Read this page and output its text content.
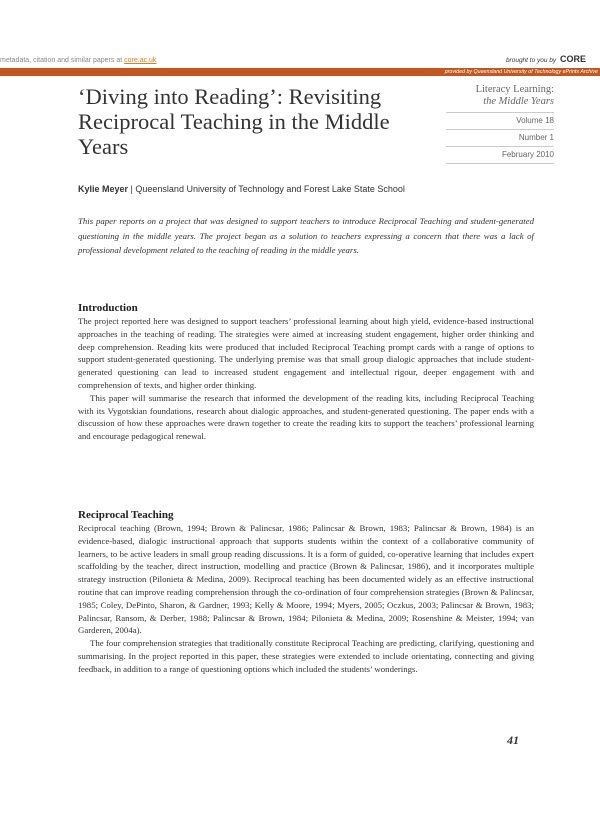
metadata, citation and similar papers at core.ac.uk	brought to you by CORE
provided by Queensland University of Technology ePrints Archive
‘Diving into Reading’: Revisiting Reciprocal Teaching in the Middle Years
Literacy Learning:
the Middle Years
Volume 18
Number 1
February 2010
Kylie Meyer | Queensland University of Technology and Forest Lake State School

This paper reports on a project that was designed to support teachers to introduce Reciprocal Teaching and student-generated questioning in the middle years. The project began as a solution to teachers expressing a concern that there was a lack of professional development related to the teaching of reading in the middle years.

Introduction

The project reported here was designed to support teachers’ professional learning about high yield, evidence-based instructional approaches in the teaching of reading. The strategies were aimed at increasing student engagement, higher order thinking and deep comprehension. Reading kits were produced that included Reciprocal Teaching prompt cards with a range of options to support student-generated questioning. The underlying premise was that small group dialogic approaches that include student-generated questioning can lead to increased student engagement and intellectual rigour, deeper engagement with and comprehension of texts, and higher order thinking.

This paper will summarise the research that informed the development of the reading kits, including Reciprocal Teaching with its Vygotskian foundations, research about dialogic approaches, and student-generated questioning. The paper ends with a discussion of how these approaches were drawn together to create the reading kits to support the teachers’ professional learning and encourage pedagogical renewal.

Reciprocal Teaching

Reciprocal teaching (Brown, 1994; Brown & Palincsar, 1986; Palincsar & Brown, 1983; Palincsar & Brown, 1984) is an evidence-based, dialogic instructional approach that supports students within the context of a collaborative community of learners, to be active leaders in small group reading discussions. It is a form of guided, co-operative learning that includes expert scaffolding by the teacher, direct instruction, modelling and practice (Brown & Palincsar, 1986), and it incorporates multiple strategy instruction (Pilonieta & Medina, 2009). Reciprocal teaching has been documented widely as an effective instructional routine that can improve reading comprehension through the co-ordination of four comprehension strategies (Brown & Palincsar, 1985; Coley, DePinto, Sharon, & Gardner, 1993; Kelly & Moore, 1994; Myers, 2005; Oczkus, 2003; Palincsar & Brown, 1983; Palincsar, Ransom, & Derber, 1988; Palincsar & Brown, 1984; Pilonieta & Medina, 2009; Rosenshine & Meister, 1994; van Garderen, 2004a).

The four comprehension strategies that traditionally constitute Reciprocal Teaching are predicting, clarifying, questioning and summarising. In the project reported in this paper, these strategies were extended to include orientating, connecting and giving feedback, in addition to a range of questioning options which included the students’ wonderings.

41
